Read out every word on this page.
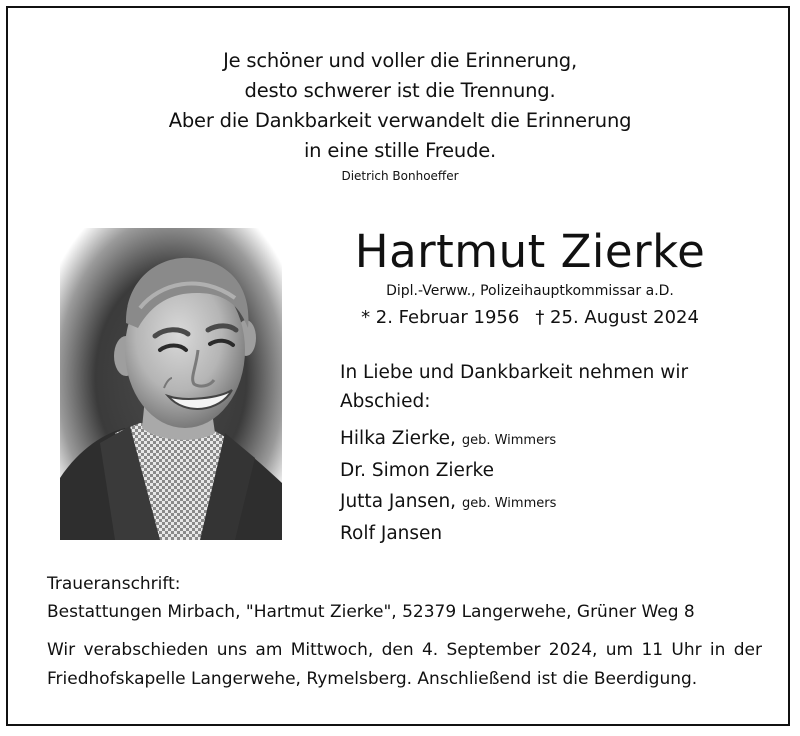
Je schöner und voller die Erinnerung,
desto schwerer ist die Trennung.
Aber die Dankbarkeit verwandelt die Erinnerung
in eine stille Freude.
Dietrich Bonhoeffer
Hartmut Zierke
Dipl.-Verww., Polizeihauptkommissar a.D.
* 2. Februar 1956 † 25. August 2024
In Liebe und Dankbarkeit nehmen wir Abschied:
Hilka Zierke, geb. Wimmers
Dr. Simon Zierke
Jutta Jansen, geb. Wimmers
Rolf Jansen
Traueranschrift:
Bestattungen Mirbach, "Hartmut Zierke", 52379 Langerwehe, Grüner Weg 8
Wir verabschieden uns am Mittwoch, den 4. September 2024, um 11 Uhr in der Friedhofskapelle Langerwehe, Rymelsberg. Anschließend ist die Beerdigung.
